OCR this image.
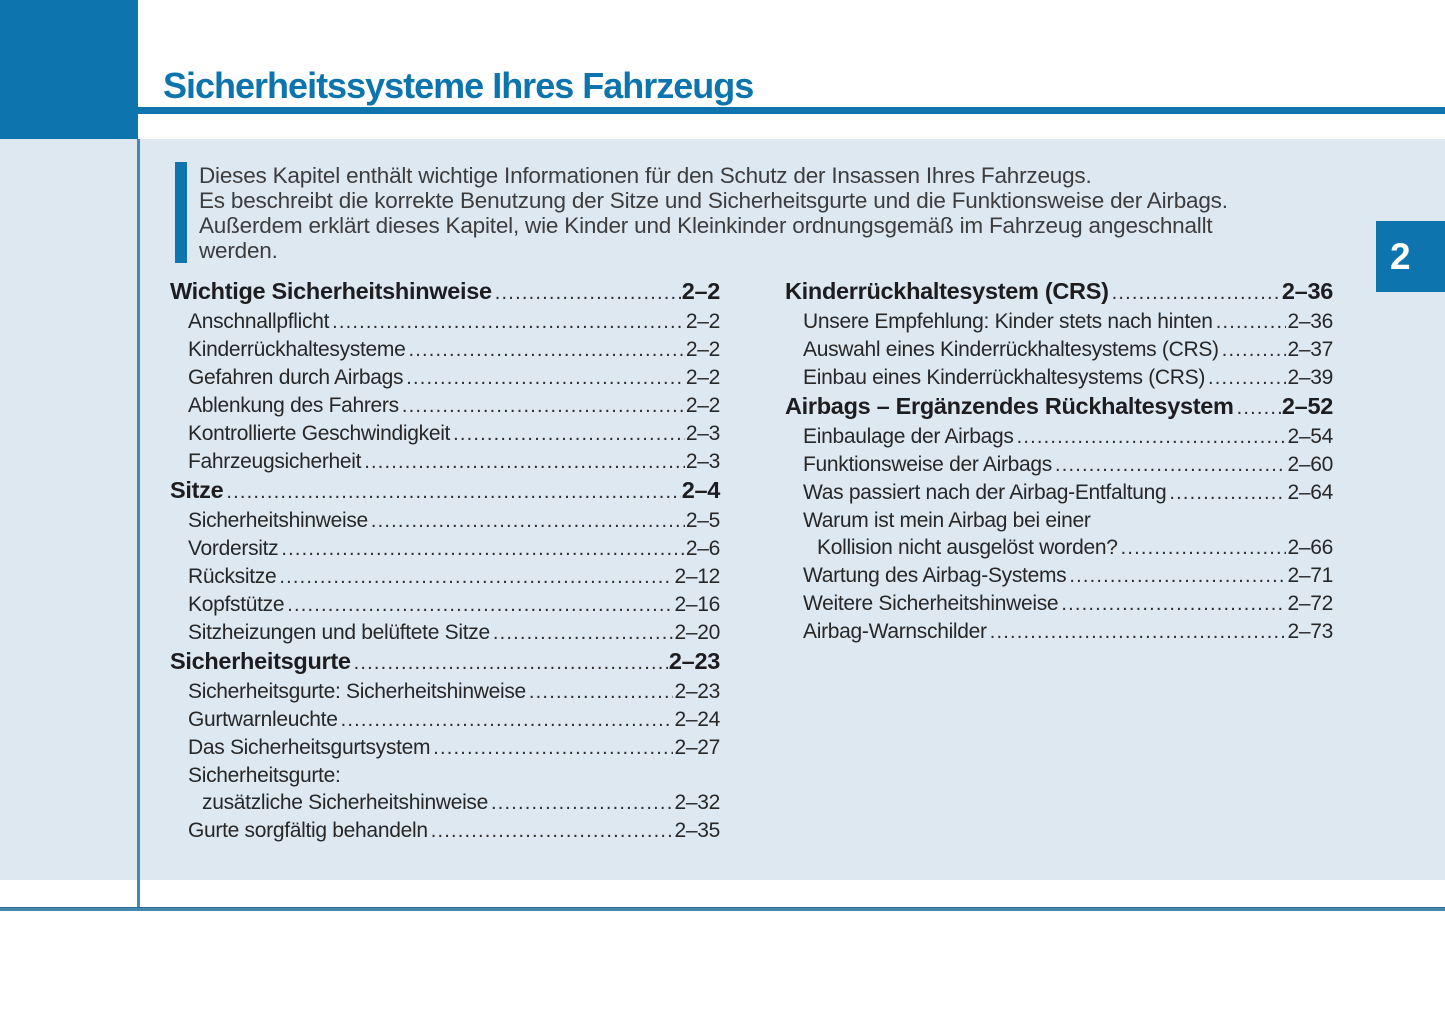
Sicherheitssysteme Ihres Fahrzeugs
2
Dieses Kapitel enthält wichtige Informationen für den Schutz der Insassen Ihres Fahrzeugs.
Es beschreibt die korrekte Benutzung der Sitze und Sicherheitsgurte und die Funktionsweise der Airbags.
Außerdem erklärt dieses Kapitel, wie Kinder und Kleinkinder ordnungsgemäß im Fahrzeug angeschnallt
werden.
Wichtige Sicherheitshinweise .....	2–2
Anschnallpflicht .....	2–2
Kinderrückhaltesysteme .....	2–2
Gefahren durch Airbags .....	2–2
Ablenkung des Fahrers .....	2–2
Kontrollierte Geschwindigkeit .....	2–3
Fahrzeugsicherheit .....	2–3
Sitze .....	2–4
Sicherheitshinweise .....	2–5
Vordersitz .....	2–6
Rücksitze .....	2–12
Kopfstütze .....	2–16
Sitzheizungen und belüftete Sitze .....	2–20
Sicherheitsgurte .....	2–23
Sicherheitsgurte: Sicherheitshinweise .....	2–23
Gurtwarnleuchte .....	2–24
Das Sicherheitsgurtsystem .....	2–27
Sicherheitsgurte:
zusätzliche Sicherheitshinweise .....	2–32
Gurte sorgfältig behandeln .....	2–35
Kinderrückhaltesystem (CRS) .....	2–36
Unsere Empfehlung: Kinder stets nach hinten .....	2–36
Auswahl eines Kinderrückhaltesystems (CRS) .....	2–37
Einbau eines Kinderrückhaltesystems (CRS) .....	2–39
Airbags – Ergänzendes Rückhaltesystem ..... 2–52
Einbaulage der Airbags .....	2–54
Funktionsweise der Airbags .....	2–60
Was passiert nach der Airbag-Entfaltung .....	2–64
Warum ist mein Airbag bei einer
Kollision nicht ausgelöst worden? .....	2–66
Wartung des Airbag-Systems .....	2–71
Weitere Sicherheitshinweise .....	2–72
Airbag-Warnschilder .....	2–73
